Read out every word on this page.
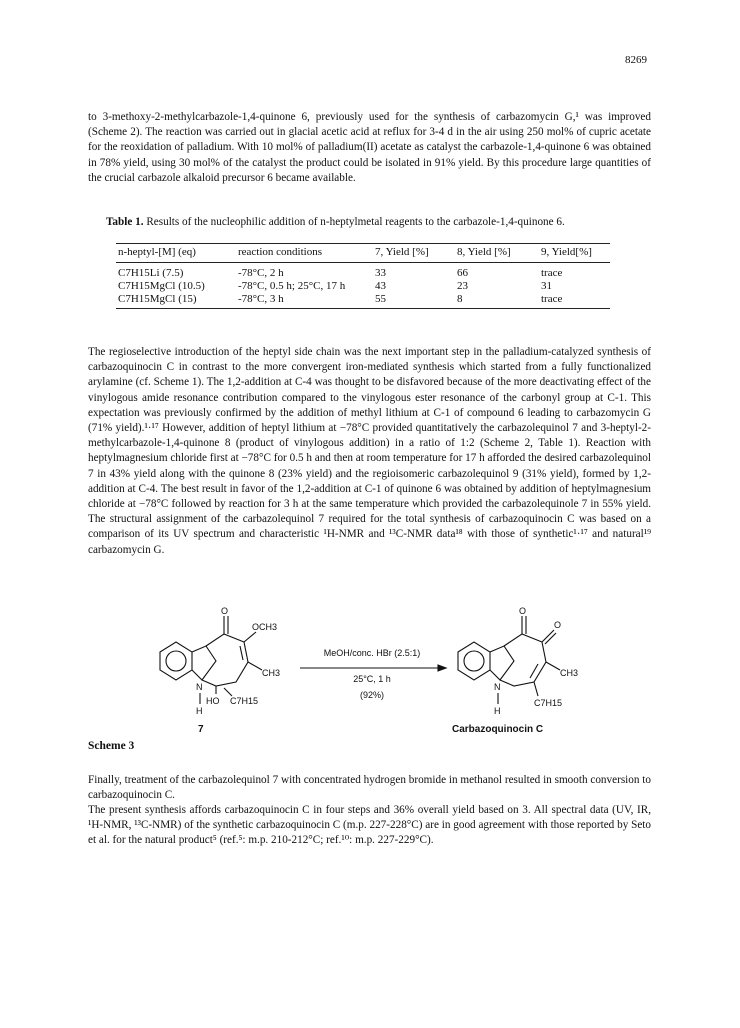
8269

to 3-methoxy-2-methylcarbazole-1,4-quinone 6, previously used for the synthesis of carbazomycin G,¹ was improved (Scheme 2). The reaction was carried out in glacial acetic acid at reflux for 3-4 d in the air using 250 mol% of cupric acetate for the reoxidation of palladium. With 10 mol% of palladium(II) acetate as catalyst the carbazole-1,4-quinone 6 was obtained in 78% yield, using 30 mol% of the catalyst the product could be isolated in 91% yield. By this procedure large quantities of the crucial carbazole alkaloid precursor 6 became available.

Table 1. Results of the nucleophilic addition of n-heptylmetal reagents to the carbazole-1,4-quinone 6.
n-heptyl-[M] (eq)	reaction conditions	7, Yield [%]	8, Yield [%]	9, Yield[%]
C7H15Li (7.5)	-78°C, 2 h	33	66	trace
C7H15MgCl (10.5)	-78°C, 0.5 h; 25°C, 17 h	43	23	31
C7H15MgCl (15)	-78°C, 3 h	55	8	trace

The regioselective introduction of the heptyl side chain was the next important step in the palladium-catalyzed synthesis of carbazoquinocin C in contrast to the more convergent iron-mediated synthesis which started from a fully functionalized arylamine (cf. Scheme 1). The 1,2-addition at C-4 was thought to be disfavored because of the more deactivating effect of the vinylogous amide resonance contribution compared to the vinylogous ester resonance of the carbonyl group at C-1. This expectation was previously confirmed by the addition of methyl lithium at C-1 of compound 6 leading to carbazomycin G (71% yield).¹·¹⁷ However, addition of heptyl lithium at −78°C provided quantitatively the carbazolequinol 7 and 3-heptyl-2-methylcarbazole-1,4-quinone 8 (product of vinylogous addition) in a ratio of 1:2 (Scheme 2, Table 1). Reaction with heptylmagnesium chloride first at −78°C for 0.5 h and then at room temperature for 17 h afforded the desired carbazolequinol 7 in 43% yield along with the quinone 8 (23% yield) and the regioisomeric carbazolequinol 9 (31% yield), formed by 1,2-addition at C-4. The best result in favor of the 1,2-addition at C-1 of quinone 6 was obtained by addition of heptylmagnesium chloride at −78°C followed by reaction for 3 h at the same temperature which provided the carbazolequinole 7 in 55% yield. The structural assignment of the carbazolequinol 7 required for the total synthesis of carbazoquinocin C was based on a comparison of its UV spectrum and characteristic ¹H-NMR and ¹³C-NMR data¹⁸ with those of synthetic¹·¹⁷ and natural¹⁹ carbazomycin G.

O
OCH3
CH3
N
H
HO C7H15
7
MeOH/conc. HBr (2.5:1)
25°C, 1 h
(92%)
O
O
CH3
N
H
C7H15
Carbazoquinocin C
Scheme 3

Finally, treatment of the carbazolequinol 7 with concentrated hydrogen bromide in methanol resulted in smooth conversion to carbazoquinocin C.

The present synthesis affords carbazoquinocin C in four steps and 36% overall yield based on 3. All spectral data (UV, IR, ¹H-NMR, ¹³C-NMR) of the synthetic carbazoquinocin C (m.p. 227-228°C) are in good agreement with those reported by Seto et al. for the natural product⁵ (ref.⁵: m.p. 210-212°C; ref.¹⁰: m.p. 227-229°C).
